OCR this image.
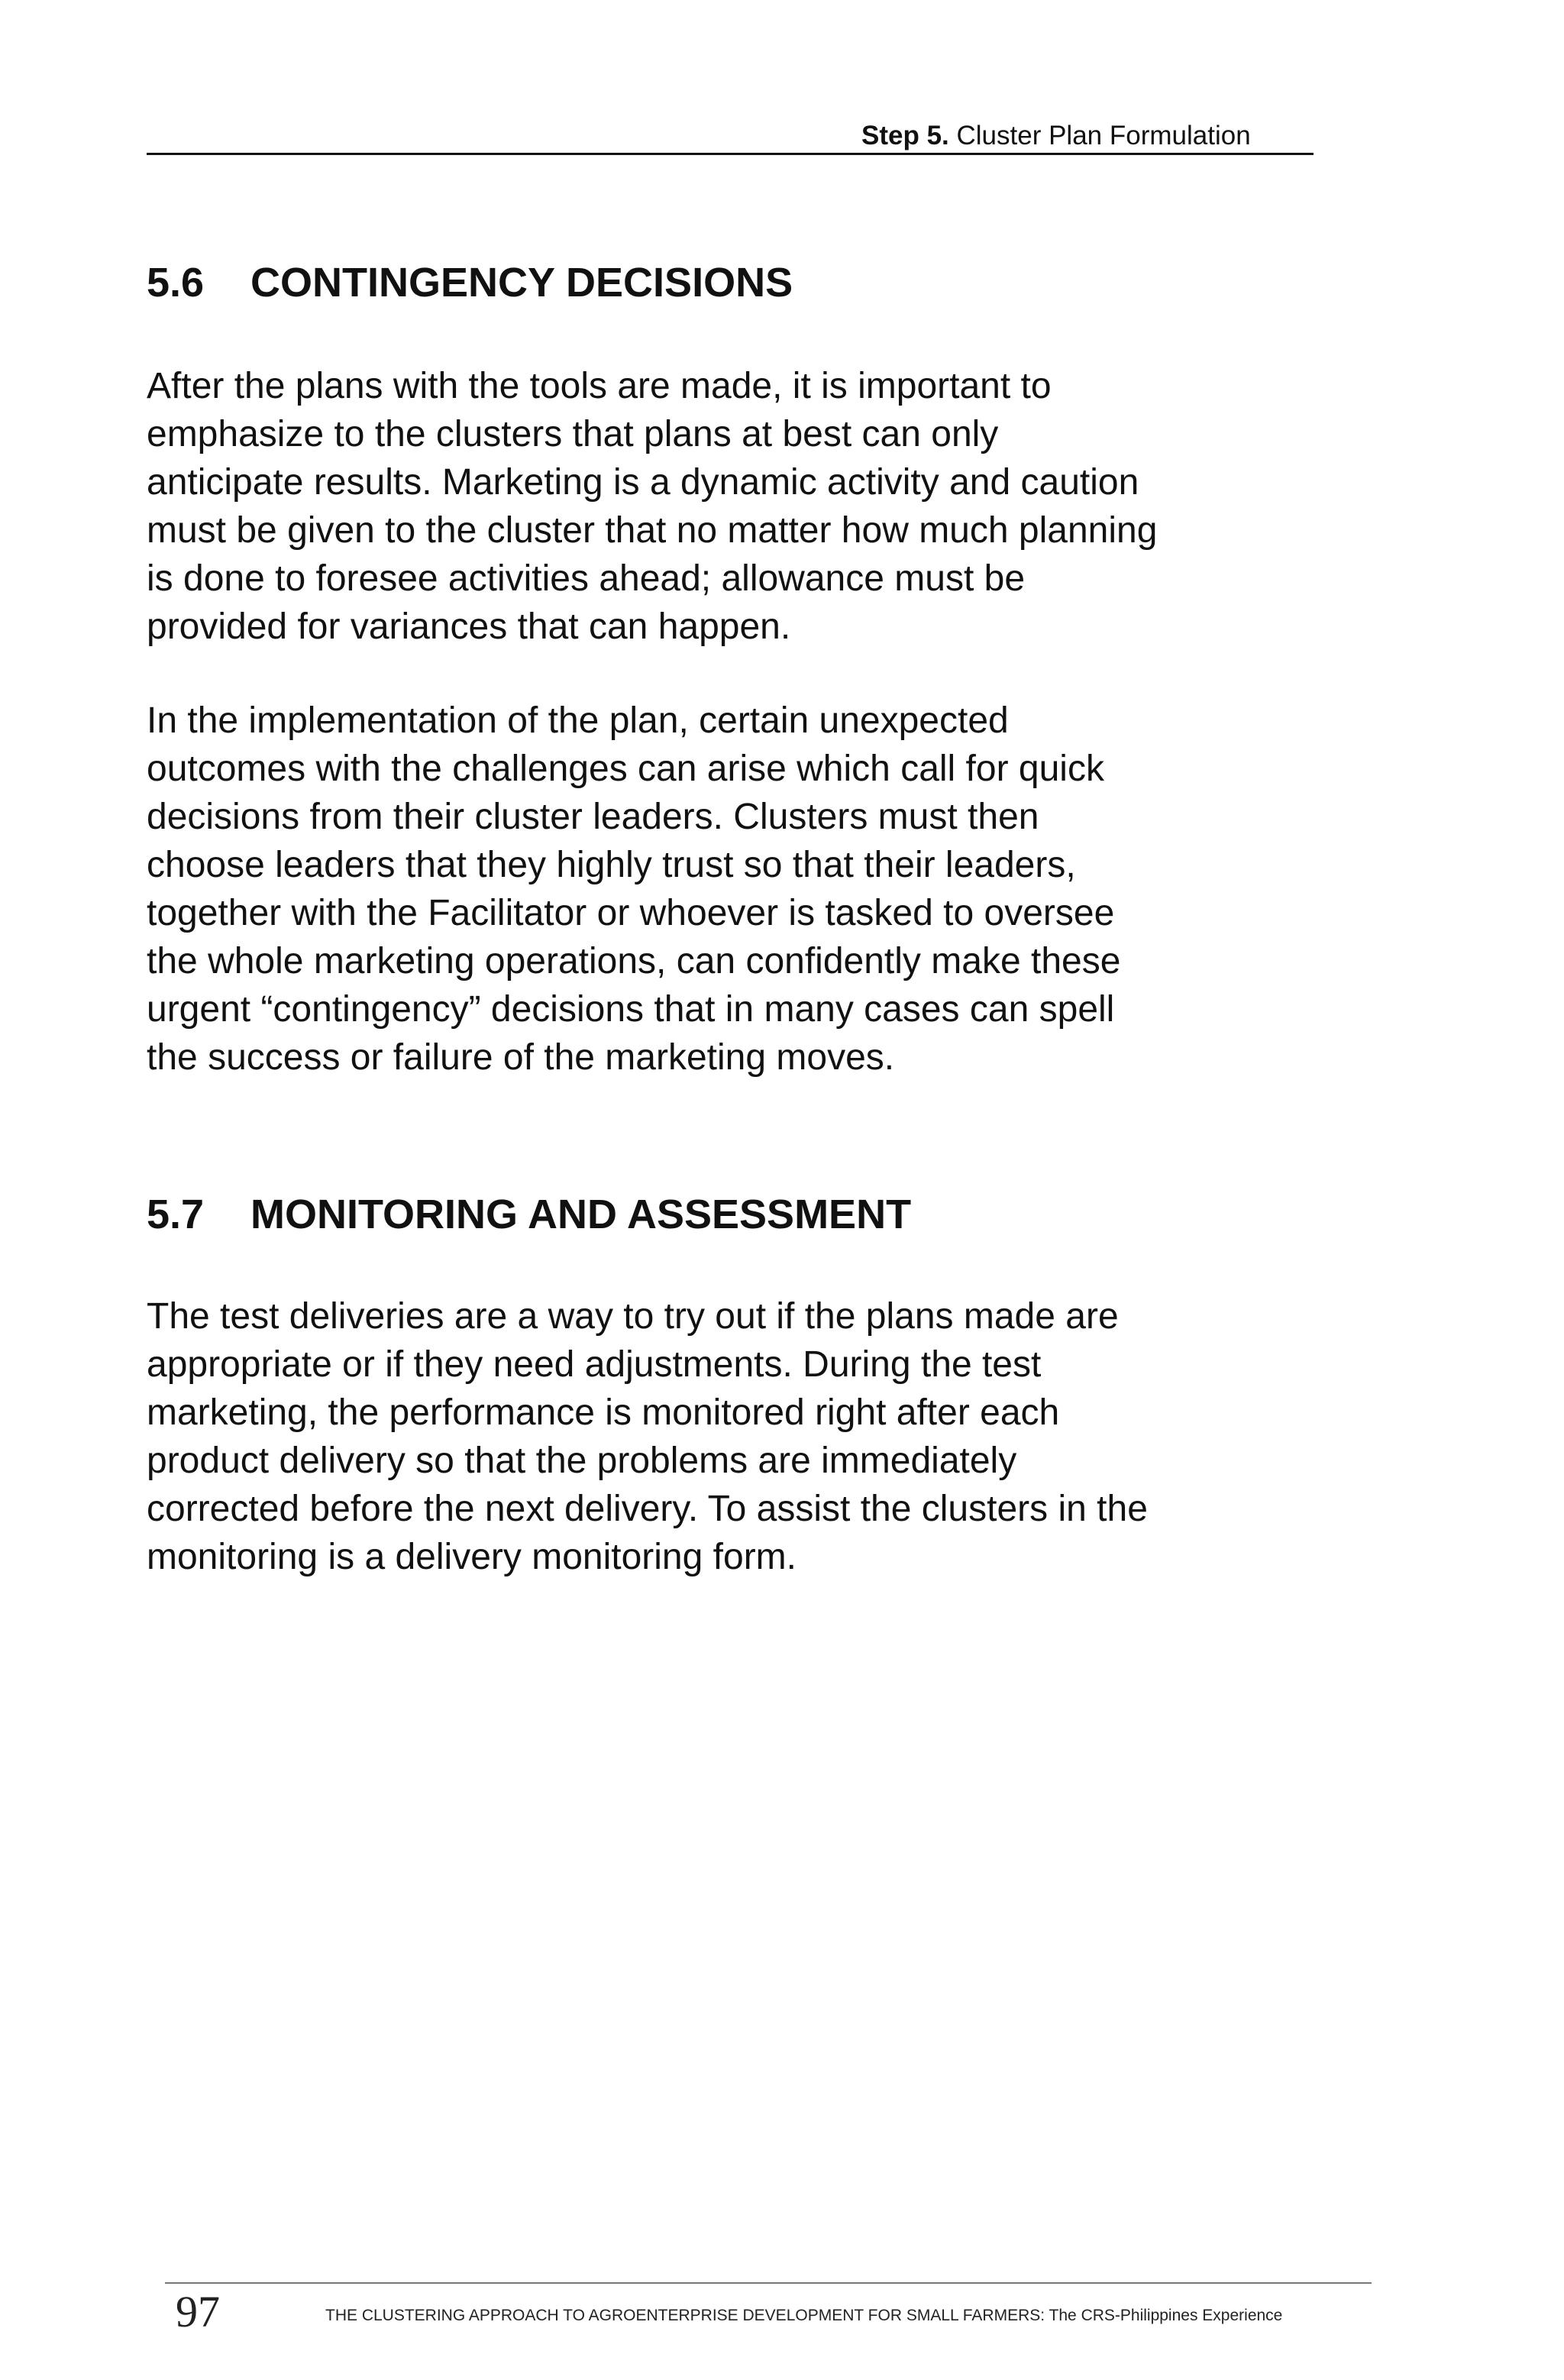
Step 5. Cluster Plan Formulation
5.6 CONTINGENCY DECISIONS

After the plans with the tools are made, it is important to
emphasize to the clusters that plans at best can only
anticipate results. Marketing is a dynamic activity and caution
must be given to the cluster that no matter how much planning
is done to foresee activities ahead; allowance must be
provided for variances that can happen.

In the implementation of the plan, certain unexpected
outcomes with the challenges can arise which call for quick
decisions from their cluster leaders. Clusters must then
choose leaders that they highly trust so that their leaders,
together with the Facilitator or whoever is tasked to oversee
the whole marketing operations, can confidently make these
urgent “contingency” decisions that in many cases can spell
the success or failure of the marketing moves.

5.7 MONITORING AND ASSESSMENT

The test deliveries are a way to try out if the plans made are
appropriate or if they need adjustments. During the test
marketing, the performance is monitored right after each
product delivery so that the problems are immediately
corrected before the next delivery. To assist the clusters in the
monitoring is a delivery monitoring form.

97	THE CLUSTERING APPROACH TO AGROENTERPRISE DEVELOPMENT FOR SMALL FARMERS: The CRS-Philippines Experience
